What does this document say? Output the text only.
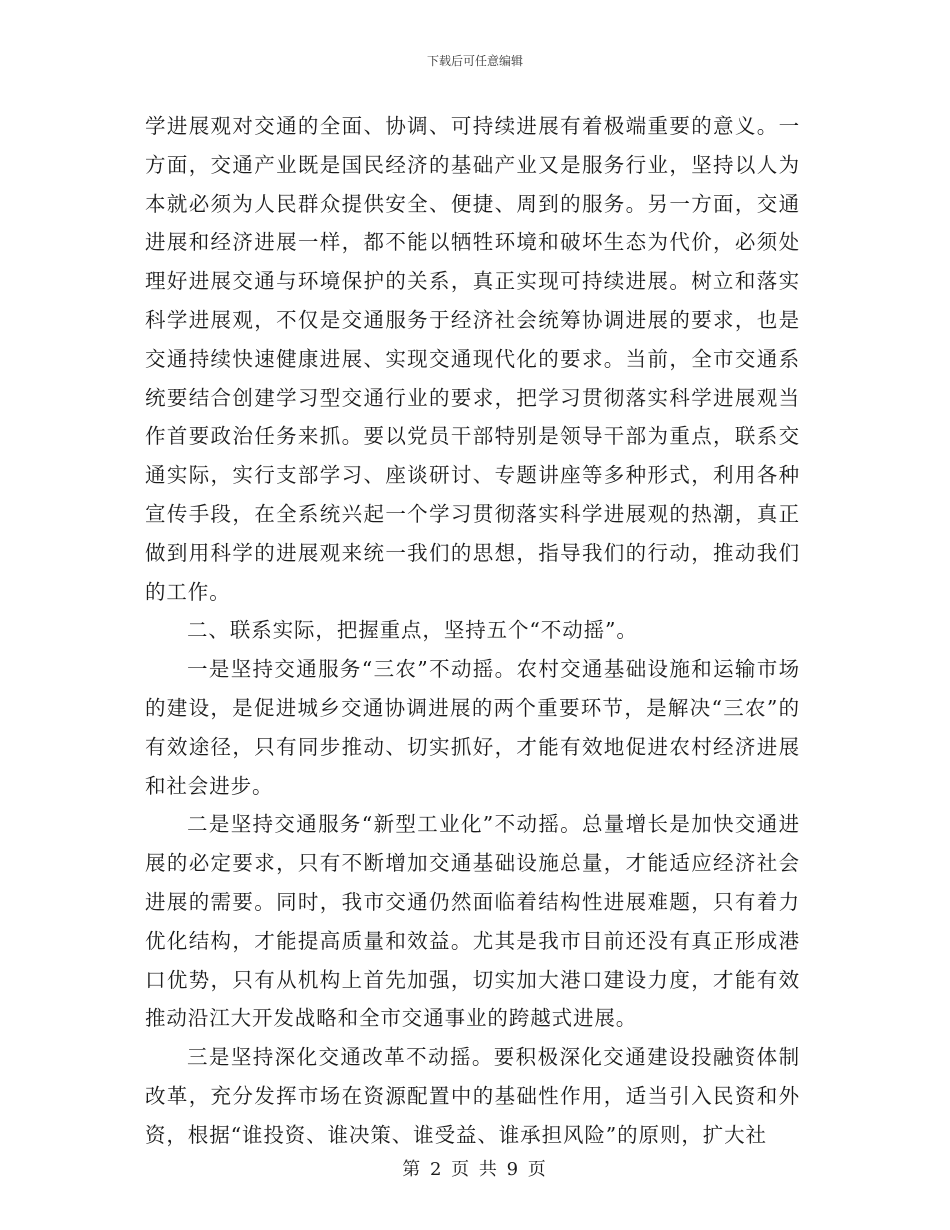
下载后可任意编辑

学进展观对交通的全面、协调、可持续进展有着极端重要的意义。一方面，交通产业既是国民经济的基础产业又是服务行业，坚持以人为本就必须为人民群众提供安全、便捷、周到的服务。另一方面，交通进展和经济进展一样，都不能以牺牲环境和破坏生态为代价，必须处理好进展交通与环境保护的关系，真正实现可持续进展。树立和落实科学进展观，不仅是交通服务于经济社会统筹协调进展的要求，也是交通持续快速健康进展、实现交通现代化的要求。当前，全市交通系统要结合创建学习型交通行业的要求，把学习贯彻落实科学进展观当作首要政治任务来抓。要以党员干部特别是领导干部为重点，联系交通实际，实行支部学习、座谈研讨、专题讲座等多种形式，利用各种宣传手段，在全系统兴起一个学习贯彻落实科学进展观的热潮，真正做到用科学的进展观来统一我们的思想，指导我们的行动，推动我们的工作。

二、联系实际，把握重点，坚持五个“不动摇”。

一是坚持交通服务“三农”不动摇。农村交通基础设施和运输市场的建设，是促进城乡交通协调进展的两个重要环节，是解决“三农”的有效途径，只有同步推动、切实抓好，才能有效地促进农村经济进展和社会进步。

二是坚持交通服务“新型工业化”不动摇。总量增长是加快交通进展的必定要求，只有不断增加交通基础设施总量，才能适应经济社会进展的需要。同时，我市交通仍然面临着结构性进展难题，只有着力优化结构，才能提高质量和效益。尤其是我市目前还没有真正形成港口优势，只有从机构上首先加强，切实加大港口建设力度，才能有效推动沿江大开发战略和全市交通事业的跨越式进展。

三是坚持深化交通改革不动摇。要积极深化交通建设投融资体制改革，充分发挥市场在资源配置中的基础性作用，适当引入民资和外资，根据“谁投资、谁决策、谁受益、谁承担风险”的原则，扩大社

第 2 页 共 9 页
